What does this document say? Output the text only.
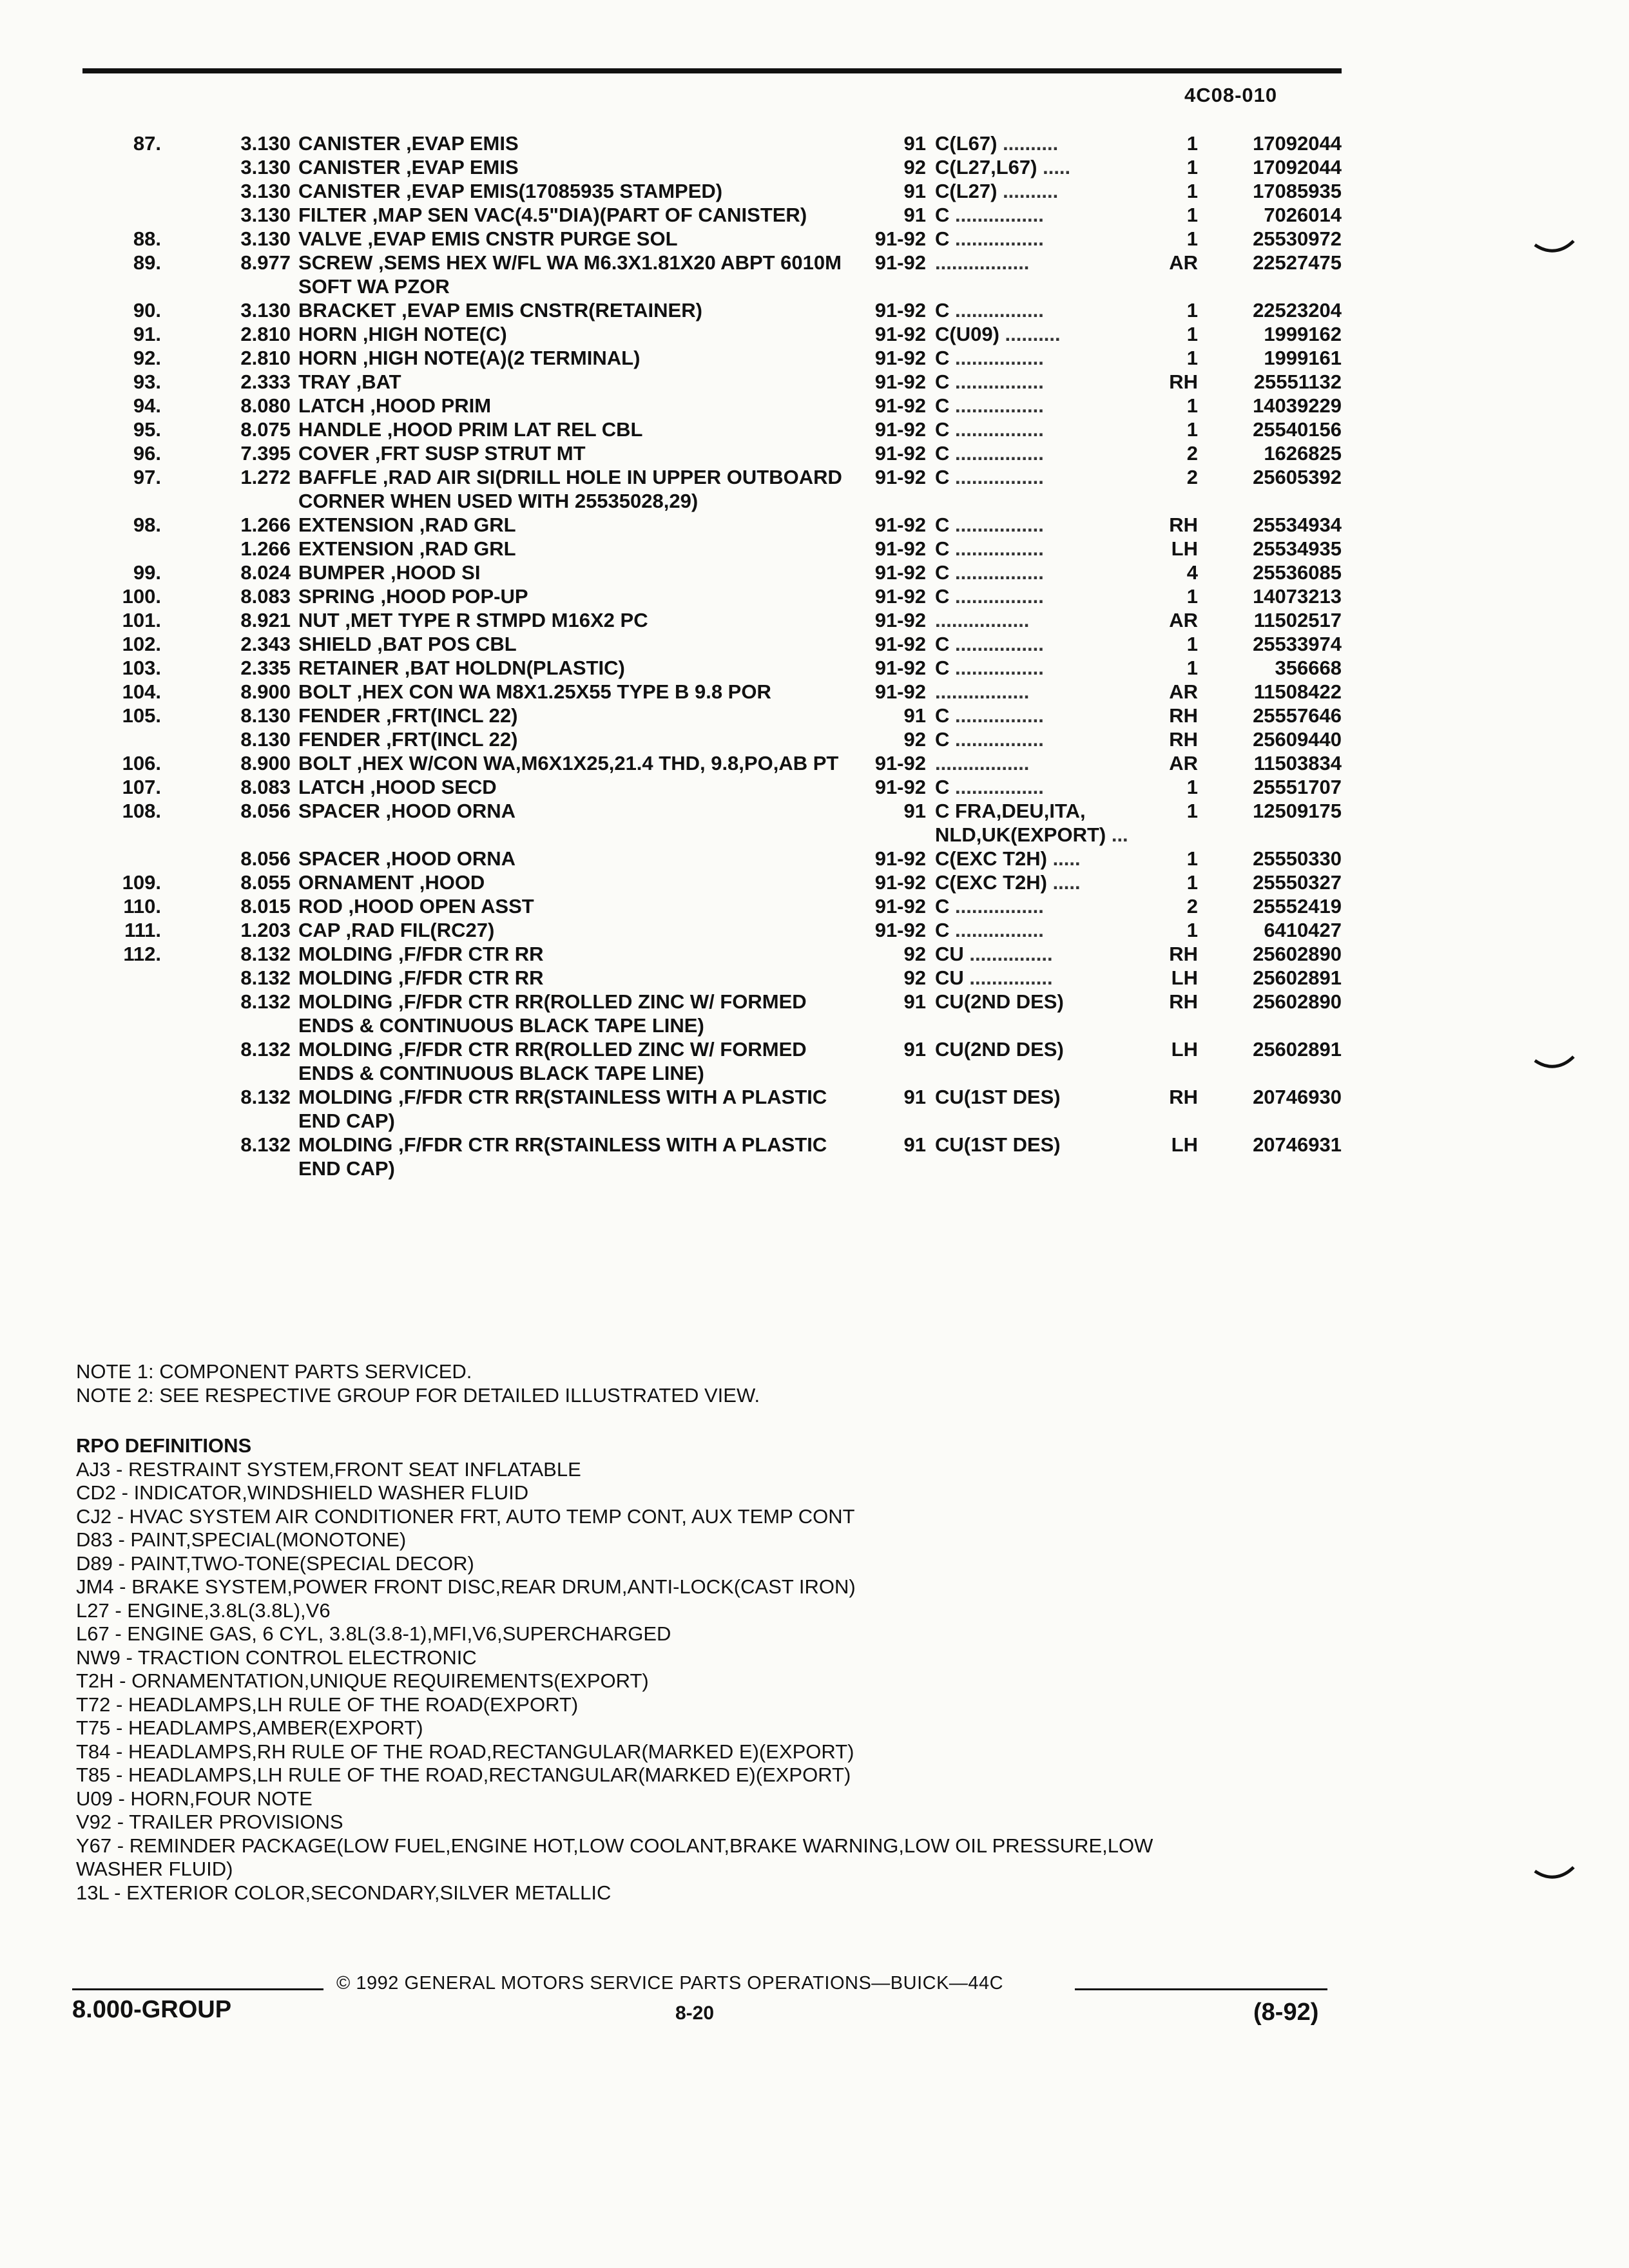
4C08-010
	87.	3.130	CANISTER ,EVAP EMIS	91	C(L67) ..........	1	17092044	
		3.130	CANISTER ,EVAP EMIS	92	C(L27,L67) .....	1	17092044	
		3.130	CANISTER ,EVAP EMIS(17085935 STAMPED)	91	C(L27) ..........	1	17085935	
		3.130	FILTER ,MAP SEN VAC(4.5"DIA)(PART OF CANISTER)	91	C ................	1	7026014	
	88.	3.130	VALVE ,EVAP EMIS CNSTR PURGE SOL	91-92	C ................	1	25530972	
	89.	8.977	SCREW ,SEMS HEX W/FL WA M6.3X1.81X20 ABPT 6010M SOFT WA PZOR	91-92	.................	AR	22527475	
	90.	3.130	BRACKET ,EVAP EMIS CNSTR(RETAINER)	91-92	C ................	1	22523204	
	91.	2.810	HORN ,HIGH NOTE(C)	91-92	C(U09) ..........	1	1999162	
	92.	2.810	HORN ,HIGH NOTE(A)(2 TERMINAL)	91-92	C ................	1	1999161	
	93.	2.333	TRAY ,BAT	91-92	C ................	RH	25551132	
	94.	8.080	LATCH ,HOOD PRIM	91-92	C ................	1	14039229	
	95.	8.075	HANDLE ,HOOD PRIM LAT REL CBL	91-92	C ................	1	25540156	
	96.	7.395	COVER ,FRT SUSP STRUT MT	91-92	C ................	2	1626825	
	97.	1.272	BAFFLE ,RAD AIR SI(DRILL HOLE IN UPPER OUTBOARD CORNER WHEN USED WITH 25535028,29)	91-92	C ................	2	25605392	
	98.	1.266	EXTENSION ,RAD GRL	91-92	C ................	RH	25534934	
		1.266	EXTENSION ,RAD GRL	91-92	C ................	LH	25534935	
	99.	8.024	BUMPER ,HOOD SI	91-92	C ................	4	25536085	
	100.	8.083	SPRING ,HOOD POP-UP	91-92	C ................	1	14073213	
	101.	8.921	NUT ,MET TYPE R STMPD M16X2 PC	91-92	.................	AR	11502517	
	102.	2.343	SHIELD ,BAT POS CBL	91-92	C ................	1	25533974	
	103.	2.335	RETAINER ,BAT HOLDN(PLASTIC)	91-92	C ................	1	356668	
	104.	8.900	BOLT ,HEX CON WA M8X1.25X55 TYPE B 9.8 POR	91-92	.................	AR	11508422	
	105.	8.130	FENDER ,FRT(INCL 22)	91	C ................	RH	25557646	
		8.130	FENDER ,FRT(INCL 22)	92	C ................	RH	25609440	
	106.	8.900	BOLT ,HEX W/CON WA,M6X1X25,21.4 THD, 9.8,PO,AB PT	91-92	.................	AR	11503834	
	107.	8.083	LATCH ,HOOD SECD	91-92	C ................	1	25551707	
	108.	8.056	SPACER ,HOOD ORNA	91	C FRA,DEU,ITA,
NLD,UK(EXPORT) ...	1	12509175	
		8.056	SPACER ,HOOD ORNA	91-92	C(EXC T2H) .....	1	25550330	
	109.	8.055	ORNAMENT ,HOOD	91-92	C(EXC T2H) .....	1	25550327	
	110.	8.015	ROD ,HOOD OPEN ASST	91-92	C ................	2	25552419	
	111.	1.203	CAP ,RAD FIL(RC27)	91-92	C ................	1	6410427	
	112.	8.132	MOLDING ,F/FDR CTR RR	92	CU ...............	RH	25602890	
		8.132	MOLDING ,F/FDR CTR RR	92	CU ...............	LH	25602891	
		8.132	MOLDING ,F/FDR CTR RR(ROLLED ZINC W/ FORMED ENDS & CONTINUOUS BLACK TAPE LINE)	91	CU(2ND DES)	RH	25602890	
		8.132	MOLDING ,F/FDR CTR RR(ROLLED ZINC W/ FORMED ENDS & CONTINUOUS BLACK TAPE LINE)	91	CU(2ND DES)	LH	25602891	
		8.132	MOLDING ,F/FDR CTR RR(STAINLESS WITH A PLASTIC END CAP)	91	CU(1ST DES)	RH	20746930	
		8.132	MOLDING ,F/FDR CTR RR(STAINLESS WITH A PLASTIC END CAP)	91	CU(1ST DES)	LH	20746931	
NOTE 1: COMPONENT PARTS SERVICED.
NOTE 2: SEE RESPECTIVE GROUP FOR DETAILED ILLUSTRATED VIEW.
RPO DEFINITIONS
AJ3 - RESTRAINT SYSTEM,FRONT SEAT INFLATABLE
CD2 - INDICATOR,WINDSHIELD WASHER FLUID
CJ2 - HVAC SYSTEM AIR CONDITIONER FRT, AUTO TEMP CONT, AUX TEMP CONT
D83 - PAINT,SPECIAL(MONOTONE)
D89 - PAINT,TWO-TONE(SPECIAL DECOR)
JM4 - BRAKE SYSTEM,POWER FRONT DISC,REAR DRUM,ANTI-LOCK(CAST IRON)
L27 - ENGINE,3.8L(3.8L),V6
L67 - ENGINE GAS, 6 CYL, 3.8L(3.8-1),MFI,V6,SUPERCHARGED
NW9 - TRACTION CONTROL ELECTRONIC
T2H - ORNAMENTATION,UNIQUE REQUIREMENTS(EXPORT)
T72 - HEADLAMPS,LH RULE OF THE ROAD(EXPORT)
T75 - HEADLAMPS,AMBER(EXPORT)
T84 - HEADLAMPS,RH RULE OF THE ROAD,RECTANGULAR(MARKED E)(EXPORT)
T85 - HEADLAMPS,LH RULE OF THE ROAD,RECTANGULAR(MARKED E)(EXPORT)
U09 - HORN,FOUR NOTE
V92 - TRAILER PROVISIONS
Y67 - REMINDER PACKAGE(LOW FUEL,ENGINE HOT,LOW COOLANT,BRAKE WARNING,LOW OIL PRESSURE,LOW
WASHER FLUID)
13L - EXTERIOR COLOR,SECONDARY,SILVER METALLIC
© 1992 GENERAL MOTORS SERVICE PARTS OPERATIONS—BUICK—44C
8.000-GROUP	8-20	(8-92)
